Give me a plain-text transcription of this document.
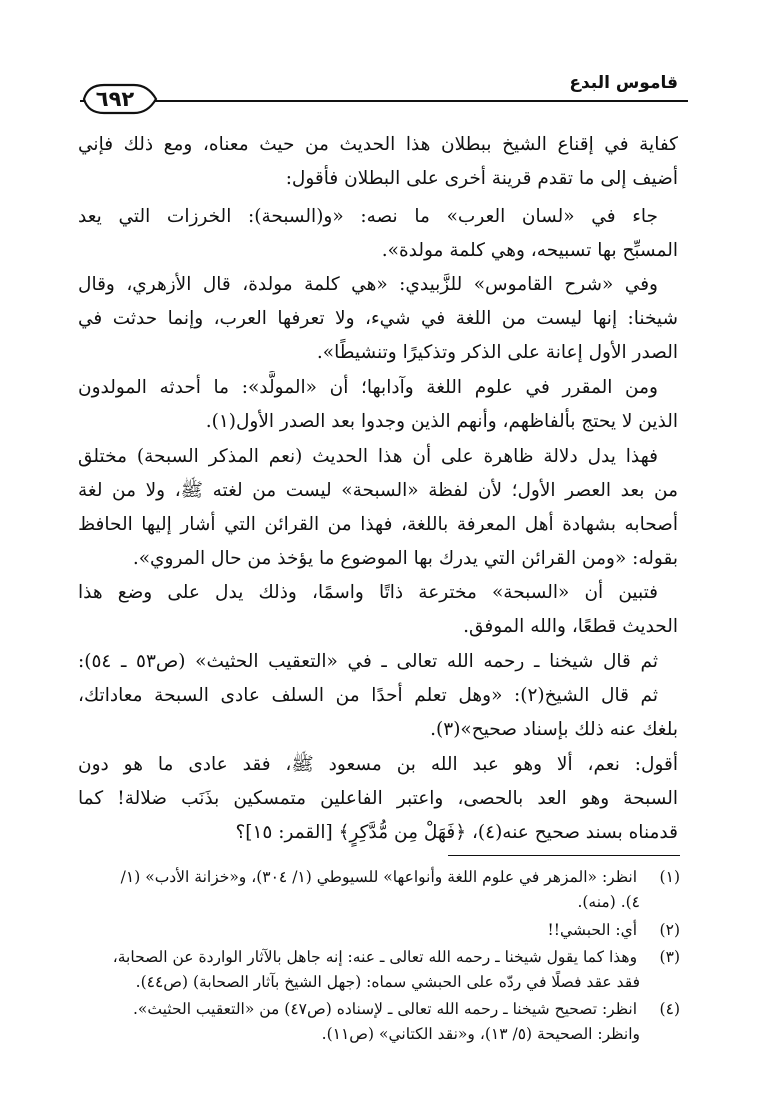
قاموس البدع
٦٩٢
كفاية في إقناع الشيخ ببطلان هذا الحديث من حيث معناه، ومع ذلك فإني
أضيف إلى ما تقدم قرينة أخرى على البطلان فأقول:
جاء في «لسان العرب» ما نصه: «و(السبحة): الخرزات التي يعد
المسبِّح بها تسبيحه، وهي كلمة مولدة».
وفي «شرح القاموس» للزَّبيدي: «هي كلمة مولدة، قال الأزهري، وقال
شيخنا: إنها ليست من اللغة في شيء، ولا تعرفها العرب، وإنما حدثت في
الصدر الأول إعانة على الذكر وتذكيرًا وتنشيطًا».
ومن المقرر في علوم اللغة وآدابها؛ أن «المولَّد»: ما أحدثه المولدون
الذين لا يحتج بألفاظهم، وأنهم الذين وجدوا بعد الصدر الأول(١).
فهذا يدل دلالة ظاهرة على أن هذا الحديث (نعم المذكر السبحة) مختلق
من بعد العصر الأول؛ لأن لفظة «السبحة» ليست من لغته ﷺ، ولا من لغة
أصحابه بشهادة أهل المعرفة باللغة، فهذا من القرائن التي أشار إليها الحافظ
بقوله: «ومن القرائن التي يدرك بها الموضوع ما يؤخذ من حال المروي».
فتبين أن «السبحة» مخترعة ذاتًا واسمًا، وذلك يدل على وضع هذا
الحديث قطعًا، والله الموفق.
ثم قال شيخنا ـ رحمه الله تعالى ـ في «التعقيب الحثيث» (ص٥٣ ـ ٥٤):
ثم قال الشيخ(٢): «وهل تعلم أحدًا من السلف عادى السبحة معاداتك،
بلغك عنه ذلك بإسناد صحيح»(٣).
أقول: نعم، ألا وهو عبد الله بن مسعود ﷺ، فقد عادى ما هو دون
السبحة وهو العد بالحصى، واعتبر الفاعلين متمسكين بذَنَب ضلالة! كما
قدمناه بسند صحيح عنه(٤)، ﴿فَهَلْ مِن مُّدَّكِرٍ﴾ [القمر: ١٥]؟
(١) انظر: «المزهر في علوم اللغة وأنواعها» للسيوطي (١/ ٣٠٤)، و«خزانة الأدب» (١/
٤). (منه).
(٢) أي: الحبشي!!
(٣) وهذا كما يقول شيخنا ـ رحمه الله تعالى ـ عنه: إنه جاهل بالآثار الواردة عن الصحابة،
فقد عقد فصلًا في ردّه على الحبشي سماه: (جهل الشيخ بآثار الصحابة) (ص٤٤).
(٤) انظر: تصحيح شيخنا ـ رحمه الله تعالى ـ لإسناده (ص٤٧) من «التعقيب الحثيث».
وانظر: الصحيحة (٥/ ١٣)، و«نقد الكتاني» (ص١١).
